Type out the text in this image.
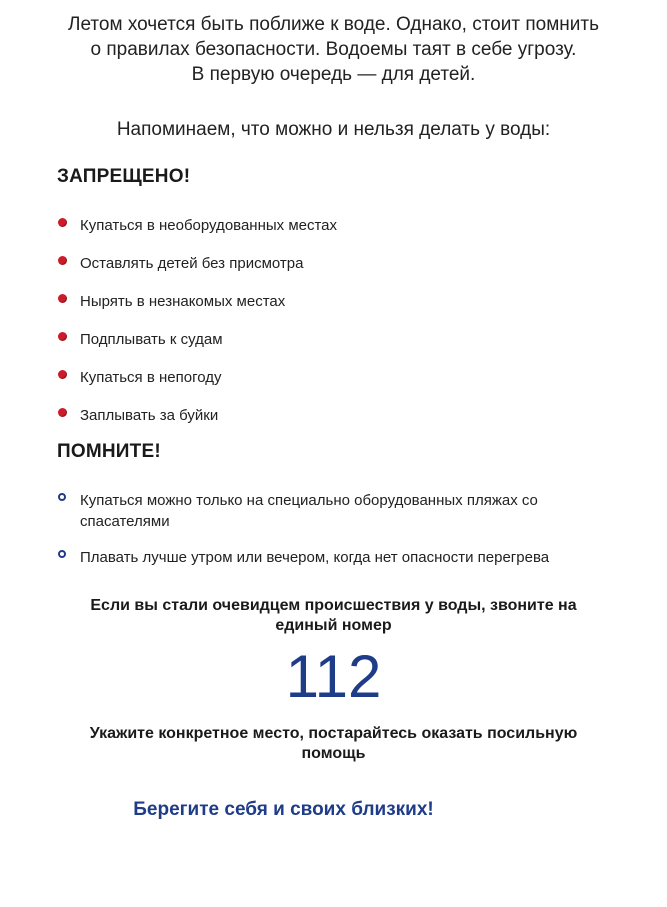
Летом хочется быть поближе к воде. Однако, стоит помнить
о правилах безопасности. Водоемы таят в себе угрозу.
В первую очередь — для детей.
Напоминаем, что можно и нельзя делать у воды:
ЗАПРЕЩЕНО!
Купаться в необорудованных местах
Оставлять детей без присмотра
Нырять в незнакомых местах
Подплывать к судам
Купаться в непогоду
Заплывать за буйки
ПОМНИТЕ!
Купаться можно только на специально оборудованных пляжах со спасателями
Плавать лучше утром или вечером, когда нет опасности перегрева
Если вы стали очевидцем происшествия у воды, звоните на единый номер
112
Укажите конкретное место, постарайтесь оказать посильную помощь
Берегите себя и своих близких!
